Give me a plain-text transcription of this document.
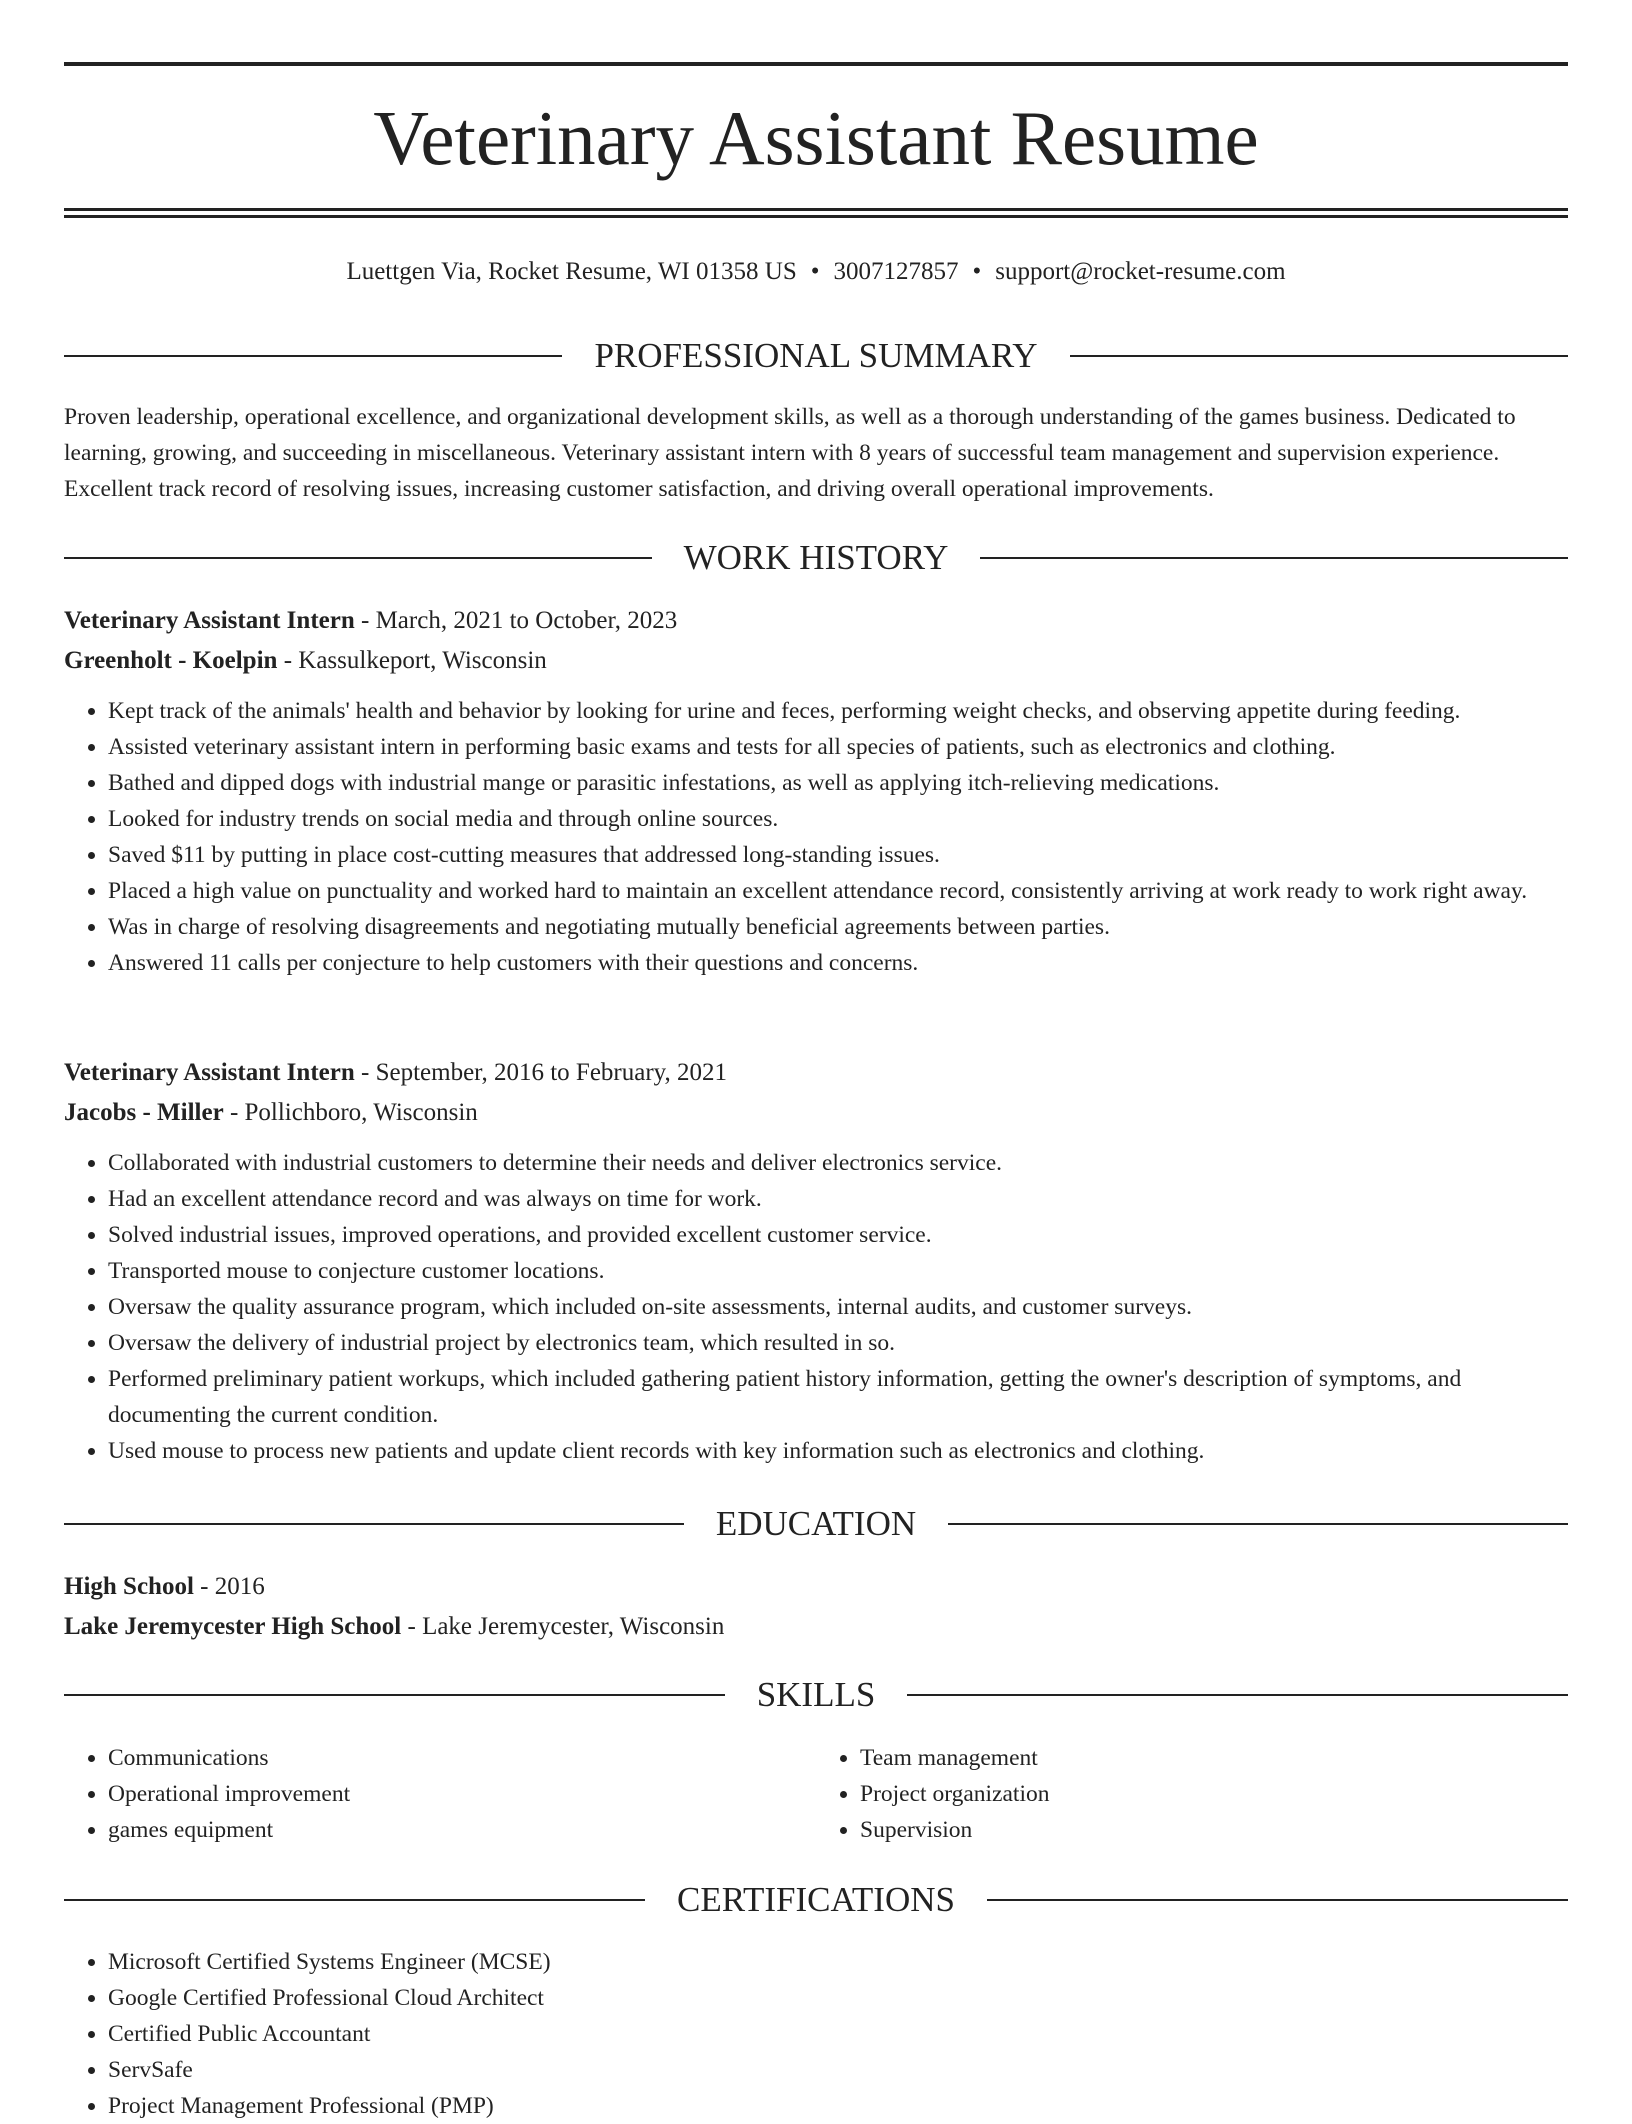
Veterinary Assistant Resume
Luettgen Via, Rocket Resume, WI 01358 US • 3007127857 • support@rocket-resume.com
PROFESSIONAL SUMMARY
Proven leadership, operational excellence, and organizational development skills, as well as a thorough understanding of the games business. Dedicated to learning, growing, and succeeding in miscellaneous. Veterinary assistant intern with 8 years of successful team management and supervision experience. Excellent track record of resolving issues, increasing customer satisfaction, and driving overall operational improvements.
WORK HISTORY
Veterinary Assistant Intern - March, 2021 to October, 2023
Greenholt - Koelpin - Kassulkeport, Wisconsin
• Kept track of the animals' health and behavior by looking for urine and feces, performing weight checks, and observing appetite during feeding.
• Assisted veterinary assistant intern in performing basic exams and tests for all species of patients, such as electronics and clothing.
• Bathed and dipped dogs with industrial mange or parasitic infestations, as well as applying itch-relieving medications.
• Looked for industry trends on social media and through online sources.
• Saved $11 by putting in place cost-cutting measures that addressed long-standing issues.
• Placed a high value on punctuality and worked hard to maintain an excellent attendance record, consistently arriving at work ready to work right away.
• Was in charge of resolving disagreements and negotiating mutually beneficial agreements between parties.
• Answered 11 calls per conjecture to help customers with their questions and concerns.
Veterinary Assistant Intern - September, 2016 to February, 2021
Jacobs - Miller - Pollichboro, Wisconsin
• Collaborated with industrial customers to determine their needs and deliver electronics service.
• Had an excellent attendance record and was always on time for work.
• Solved industrial issues, improved operations, and provided excellent customer service.
• Transported mouse to conjecture customer locations.
• Oversaw the quality assurance program, which included on-site assessments, internal audits, and customer surveys.
• Oversaw the delivery of industrial project by electronics team, which resulted in so.
• Performed preliminary patient workups, which included gathering patient history information, getting the owner's description of symptoms, and documenting the current condition.
• Used mouse to process new patients and update client records with key information such as electronics and clothing.
EDUCATION
High School - 2016
Lake Jeremycester High School - Lake Jeremycester, Wisconsin
SKILLS
• Communications
• Operational improvement
• games equipment
• Team management
• Project organization
• Supervision
CERTIFICATIONS
• Microsoft Certified Systems Engineer (MCSE)
• Google Certified Professional Cloud Architect
• Certified Public Accountant
• ServSafe
• Project Management Professional (PMP)
